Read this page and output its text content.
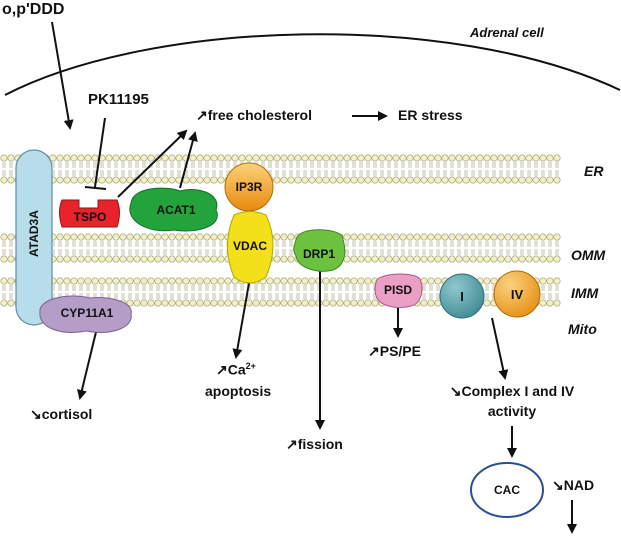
o,p'DDD
Adrenal cell
PK11195
↗free cholesterol	ER stress
ER
OMM
IMM
Mito
ATAD3A	TSPO	ACAT1
IP3R
VDAC
DRP1
PISD	I	IV
CYP11A1
CAC
$↗Ca^{2+}$
apoptosis
↘cortisol
↗fission
↗PS/PE
↘Complex I and IV
activity
↘NAD
